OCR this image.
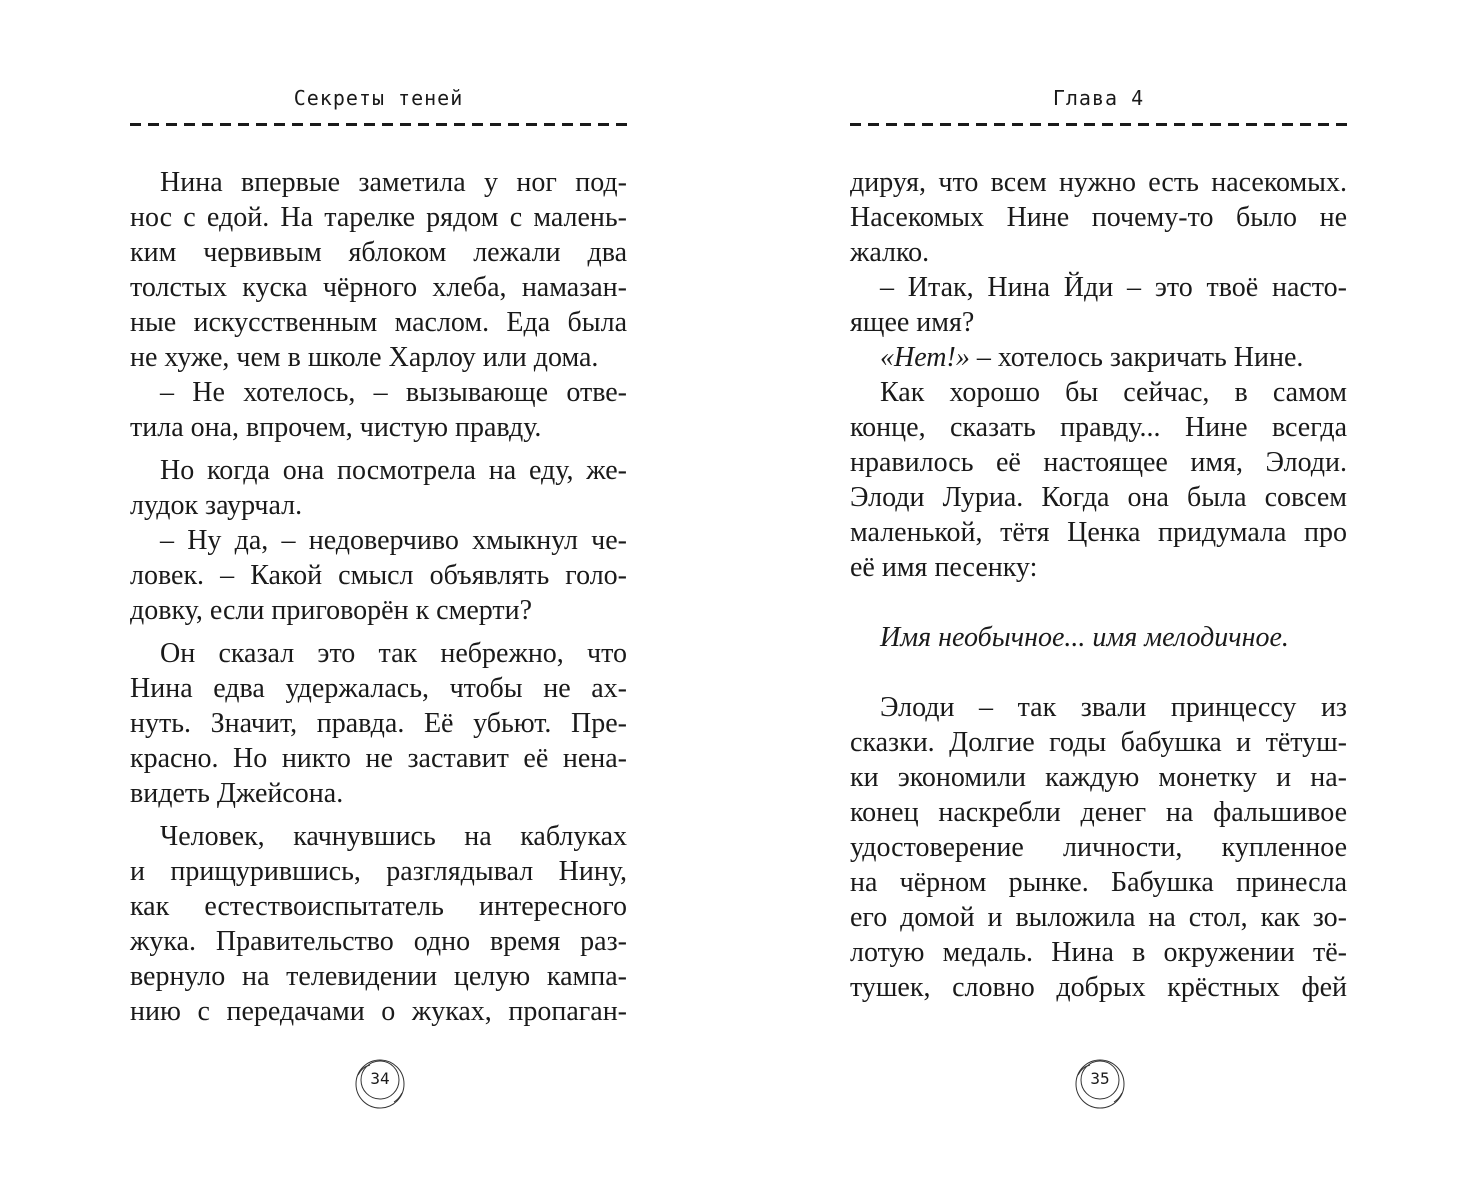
Секреты теней
Нина впервые заметила у ног под-
нос с едой. На тарелке рядом с малень-
ким червивым яблоком лежали два
толстых куска чёрного хлеба, намазан-
ные искусственным маслом. Еда была
не хуже, чем в школе Харлоу или дома.
– Не хотелось, – вызывающе отве-
тила она, впрочем, чистую правду.
Но когда она посмотрела на еду, же-
лудок заурчал.
– Ну да, – недоверчиво хмыкнул че-
ловек. – Какой смысл объявлять голо-
довку, если приговорён к смерти?
Он сказал это так небрежно, что
Нина едва удержалась, чтобы не ах-
нуть. Значит, правда. Её убьют. Пре-
красно. Но никто не заставит её нена-
видеть Джейсона.
Человек, качнувшись на каблуках
и прищурившись, разглядывал Нину,
как естествоиспытатель интересного
жука. Правительство одно время раз-
вернуло на телевидении целую кампа-
нию с передачами о жуках, пропаган-
34
Глава 4
дируя, что всем нужно есть насекомых.
Насекомых Нине почему-то было не
жалко.
– Итак, Нина Йди – это твоё насто-
ящее имя?
«Нет!» – хотелось закричать Нине.
Как хорошо бы сейчас, в самом
конце, сказать правду... Нине всегда
нравилось её настоящее имя, Элоди.
Элоди Луриа. Когда она была совсем
маленькой, тётя Ценка придумала про
её имя песенку:
Имя необычное... имя мелодичное.
Элоди – так звали принцессу из
сказки. Долгие годы бабушка и тётуш-
ки экономили каждую монетку и на-
конец наскребли денег на фальшивое
удостоверение личности, купленное
на чёрном рынке. Бабушка принесла
его домой и выложила на стол, как зо-
лотую медаль. Нина в окружении тё-
тушек, словно добрых крёстных фей
35
